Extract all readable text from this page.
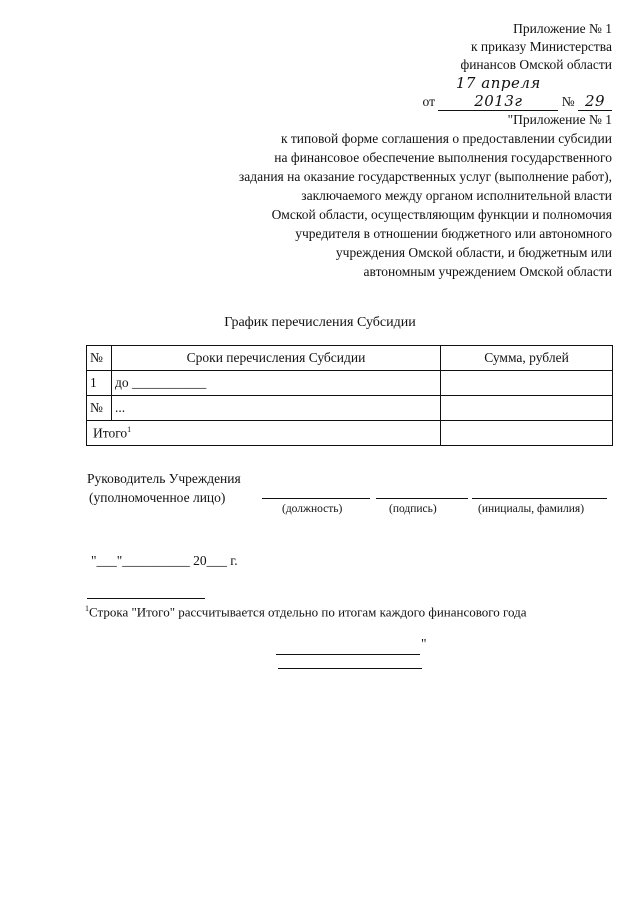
Приложение № 1
к приказу Министерства
финансов Омской области
от 17 апреля 2013г	№ 29
"Приложение № 1
к типовой форме соглашения о предоставлении субсидии
на финансовое обеспечение выполнения государственного
задания на оказание государственных услуг (выполнение работ),
заключаемого между органом исполнительной власти
Омской области, осуществляющим функции и полномочия
учредителя в отношении бюджетного или автономного
учреждения Омской области, и бюджетным или
автономным учреждением Омской области
График перечисления Субсидии
№	Сроки перечисления Субсидии	Сумма, рублей
1	до ___________	
№	...	
Итого$^1$	
Руководитель Учреждения
(уполномоченное лицо)
(должность)	(подпись)	(инициалы, фамилия)
"___"__________ 20___ г.
$^1$Строка "Итого" рассчитывается отдельно по итогам каждого финансового года
"
